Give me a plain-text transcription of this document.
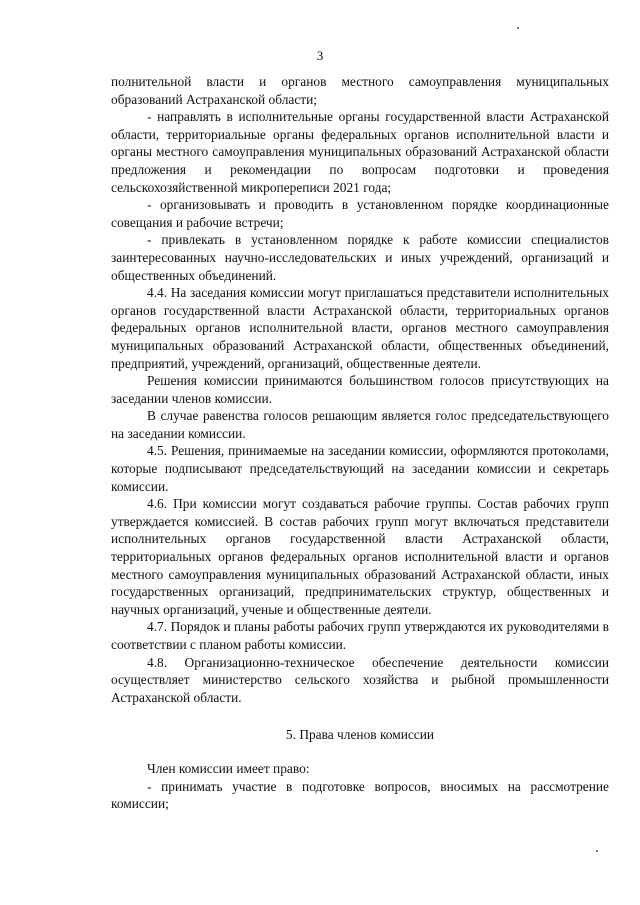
3

полнительной власти и органов местного самоуправления муниципальных образований Астраханской области;

- направлять в исполнительные органы государственной власти Астраханской области, территориальные органы федеральных органов исполнительной власти и органы местного самоуправления муниципальных образований Астраханской области предложения и рекомендации по вопросам подготовки и проведения сельскохозяйственной микропереписи 2021 года;

- организовывать и проводить в установленном порядке координационные совещания и рабочие встречи;

- привлекать в установленном порядке к работе комиссии специалистов заинтересованных научно-исследовательских и иных учреждений, организаций и общественных объединений.

4.4. На заседания комиссии могут приглашаться представители исполнительных органов государственной власти Астраханской области, территориальных органов федеральных органов исполнительной власти, органов местного самоуправления муниципальных образований Астраханской области, общественных объединений, предприятий, учреждений, организаций, общественные деятели.

Решения комиссии принимаются большинством голосов присутствующих на заседании членов комиссии.

В случае равенства голосов решающим является голос председательствующего на заседании комиссии.

4.5. Решения, принимаемые на заседании комиссии, оформляются протоколами, которые подписывают председательствующий на заседании комиссии и секретарь комиссии.

4.6. При комиссии могут создаваться рабочие группы. Состав рабочих групп утверждается комиссией. В состав рабочих групп могут включаться представители исполнительных органов государственной власти Астраханской области, территориальных органов федеральных органов исполнительной власти и органов местного самоуправления муниципальных образований Астраханской области, иных государственных организаций, предпринимательских структур, общественных и научных организаций, ученые и общественные деятели.

4.7. Порядок и планы работы рабочих групп утверждаются их руководителями в соответствии с планом работы комиссии.

4.8. Организационно-техническое обеспечение деятельности комиссии осуществляет министерство сельского хозяйства и рыбной промышленности Астраханской области.

5. Права членов комиссии

Член комиссии имеет право:

- принимать участие в подготовке вопросов, вносимых на рассмотрение комиссии;
